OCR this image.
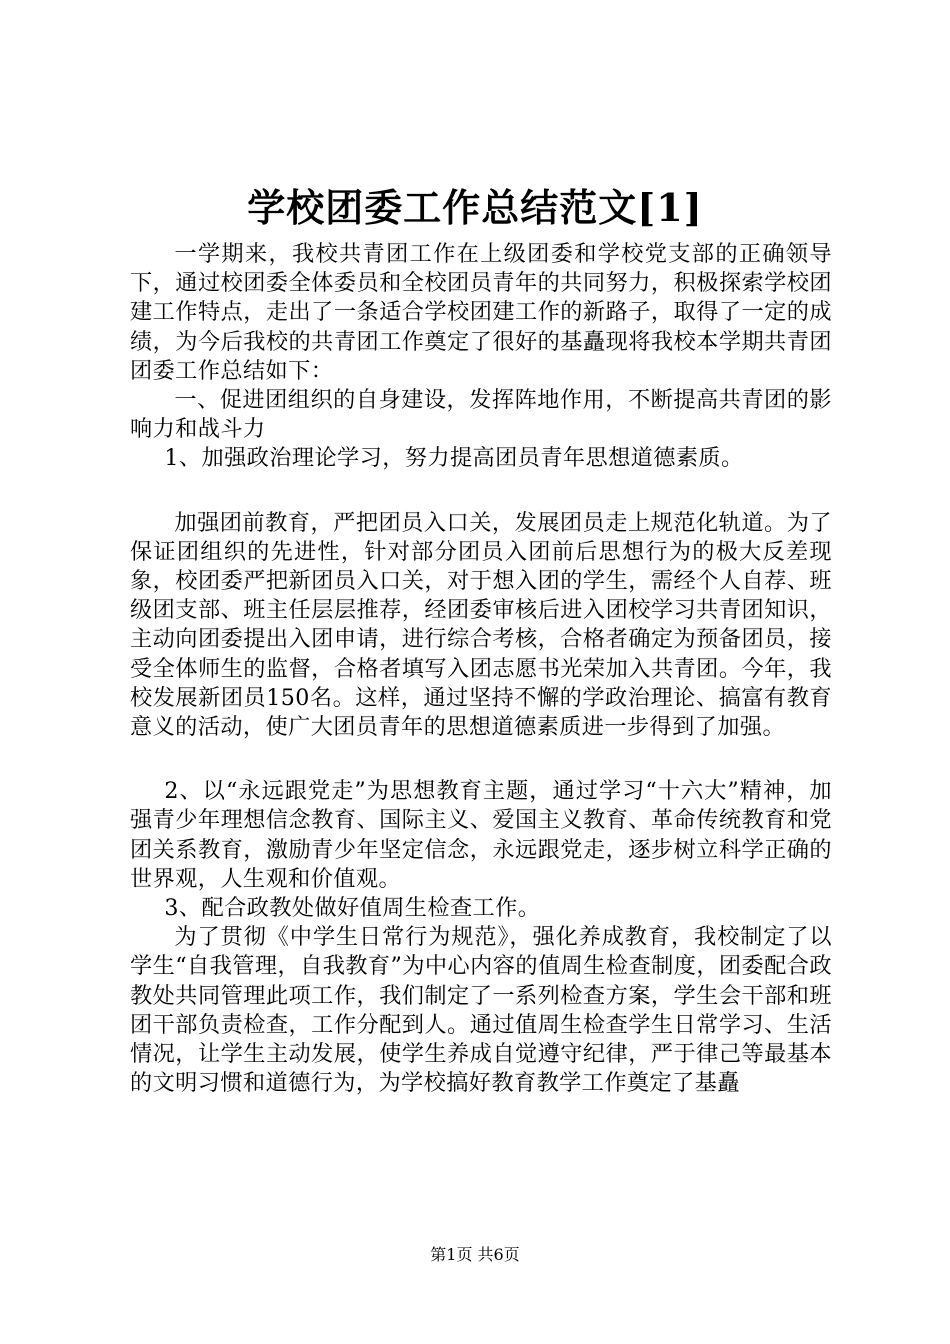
学校团委工作总结范文[1]

一学期来，我校共青团工作在上级团委和学校党支部的正确领导下，通过校团委全体委员和全校团员青年的共同努力，积极探索学校团建工作特点，走出了一条适合学校团建工作的新路子，取得了一定的成绩，为今后我校的共青团工作奠定了很好的基矗现将我校本学期共青团团委工作总结如下：

一、促进团组织的自身建设，发挥阵地作用，不断提高共青团的影响力和战斗力

1、加强政治理论学习，努力提高团员青年思想道德素质。

加强团前教育，严把团员入口关，发展团员走上规范化轨道。为了保证团组织的先进性，针对部分团员入团前后思想行为的极大反差现象，校团委严把新团员入口关，对于想入团的学生，需经个人自荐、班级团支部、班主任层层推荐，经团委审核后进入团校学习共青团知识，主动向团委提出入团申请，进行综合考核，合格者确定为预备团员，接受全体师生的监督，合格者填写入团志愿书光荣加入共青团。今年，我校发展新团员150名。这样，通过坚持不懈的学政治理论、搞富有教育意义的活动，使广大团员青年的思想道德素质进一步得到了加强。

2、以“永远跟党走”为思想教育主题，通过学习“十六大”精神，加强青少年理想信念教育、国际主义、爱国主义教育、革命传统教育和党团关系教育，激励青少年坚定信念，永远跟党走，逐步树立科学正确的世界观，人生观和价值观。

3、配合政教处做好值周生检查工作。

为了贯彻《中学生日常行为规范》，强化养成教育，我校制定了以学生“自我管理，自我教育”为中心内容的值周生检查制度，团委配合政教处共同管理此项工作，我们制定了一系列检查方案，学生会干部和班团干部负责检查，工作分配到人。通过值周生检查学生日常学习、生活情况，让学生主动发展，使学生养成自觉遵守纪律，严于律己等最基本的文明习惯和道德行为，为学校搞好教育教学工作奠定了基矗

第1页 共6页
